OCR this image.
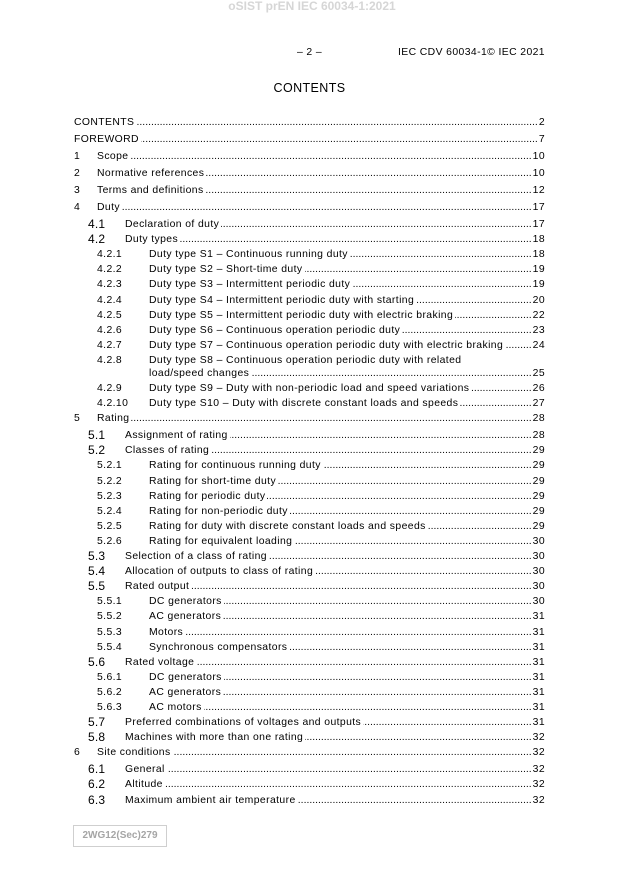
oSIST prEN IEC 60034-1:2021
– 2 –	IEC CDV 60034-1© IEC 2021
CONTENTS
CONTENTS .....	2
FOREWORD .....	7
1 Scope .....	10
2 Normative references .....	10
3 Terms and definitions .....	12
4 Duty .....	17
4.1 Declaration of duty .....	17
4.2 Duty types .....	18
4.2.1	Duty type S1 – Continuous running duty .....	18
4.2.2	Duty type S2 – Short-time duty .....	19
4.2.3	Duty type S3 – Intermittent periodic duty .....	19
4.2.4	Duty type S4 – Intermittent periodic duty with starting .....	20
4.2.5	Duty type S5 – Intermittent periodic duty with electric braking .....	22
4.2.6	Duty type S6 – Continuous operation periodic duty .....	23
4.2.7	Duty type S7 – Continuous operation periodic duty with electric braking .....	24
4.2.8	Duty type S8 – Continuous operation periodic duty with related
load/speed changes .....	25
4.2.9	Duty type S9 – Duty with non-periodic load and speed variations .....	26
4.2.10 Duty type S10 – Duty with discrete constant loads and speeds .....	27
5 Rating .....	28
5.1 Assignment of rating .....	28
5.2 Classes of rating .....	29
5.2.1	Rating for continuous running duty .....	29
5.2.2	Rating for short-time duty .....	29
5.2.3	Rating for periodic duty .....	29
5.2.4	Rating for non-periodic duty .....	29
5.2.5	Rating for duty with discrete constant loads and speeds .....	29
5.2.6	Rating for equivalent loading .....	30
5.3 Selection of a class of rating .....	30
5.4 Allocation of outputs to class of rating .....	30
5.5 Rated output .....	30
5.5.1	DC generators .....	30
5.5.2	AC generators .....	31
5.5.3	Motors .....	31
5.5.4	Synchronous compensators .....	31
5.6 Rated voltage .....	31
5.6.1	DC generators .....	31
5.6.2	AC generators .....	31
5.6.3	AC motors .....	31
5.7 Preferred combinations of voltages and outputs .....	31
5.8 Machines with more than one rating .....	32
6 Site conditions .....	32
6.1 General .....	32
6.2 Altitude .....	32
6.3 Maximum ambient air temperature .....	32
2WG12(Sec)279
